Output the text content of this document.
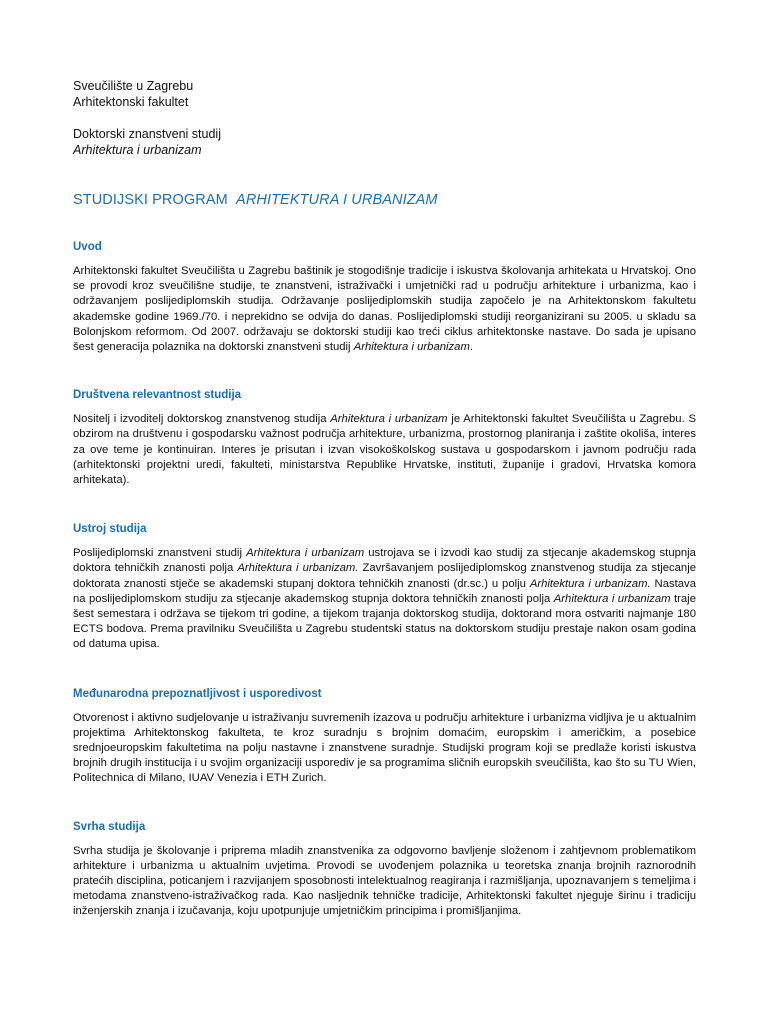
Sveučilište u Zagrebu

Arhitektonski fakultet

Doktorski znanstveni studij

Arhitektura i urbanizam

STUDIJSKI PROGRAM ARHITEKTURA I URBANIZAM

Uvod

Arhitektonski fakultet Sveučilišta u Zagrebu baštinik je stogodišnje tradicije i iskustva školovanja arhitekata u Hrvatskoj. Ono se provodi kroz sveučilišne studije, te znanstveni, istraživački i umjetnički rad u području arhitekture i urbanizma, kao i održavanjem poslijediplomskih studija. Održavanje poslijediplomskih studija započelo je na Arhitektonskom fakultetu akademske godine 1969./70. i neprekidno se odvija do danas. Poslijediplomski studiji reorganizirani su 2005. u skladu sa Bolonjskom reformom. Od 2007. održavaju se doktorski studiji kao treći ciklus arhitektonske nastave. Do sada je upisano šest generacija polaznika na doktorski znanstveni studij Arhitektura i urbanizam.

Društvena relevantnost studija

Nositelj i izvoditelj doktorskog znanstvenog studija Arhitektura i urbanizam je Arhitektonski fakultet Sveučilišta u Zagrebu. S obzirom na društvenu i gospodarsku važnost područja arhitekture, urbanizma, prostornog planiranja i zaštite okoliša, interes za ove teme je kontinuiran. Interes je prisutan i izvan visokoškolskog sustava u gospodarskom i javnom području rada (arhitektonski projektni uredi, fakulteti, ministarstva Republike Hrvatske, instituti, županije i gradovi, Hrvatska komora arhitekata).

Ustroj studija

Poslijediplomski znanstveni studij Arhitektura i urbanizam ustrojava se i izvodi kao studij za stjecanje akademskog stupnja doktora tehničkih znanosti polja Arhitektura i urbanizam. Završavanjem poslijediplomskog znanstvenog studija za stjecanje doktorata znanosti stječe se akademski stupanj doktora tehničkih znanosti (dr.sc.) u polju Arhitektura i urbanizam. Nastava na poslijediplomskom studiju za stjecanje akademskog stupnja doktora tehničkih znanosti polja Arhitektura i urbanizam traje šest semestara i održava se tijekom tri godine, a tijekom trajanja doktorskog studija, doktorand mora ostvariti najmanje 180 ECTS bodova. Prema pravilniku Sveučilišta u Zagrebu studentski status na doktorskom studiju prestaje nakon osam godina od datuma upisa.

Međunarodna prepoznatljivost i usporedivost

Otvorenost i aktivno sudjelovanje u istraživanju suvremenih izazova u području arhitekture i urbanizma vidljiva je u aktualnim projektima Arhitektonskog fakulteta, te kroz suradnju s brojnim domaćim, europskim i američkim, a posebice srednjoeuropskim fakultetima na polju nastavne i znanstvene suradnje. Studijski program koji se predlaže koristi iskustva brojnih drugih institucija i u svojim organizaciji usporediv je sa programima sličnih europskih sveučilišta, kao što su TU Wien, Politechnica di Milano, IUAV Venezia i ETH Zurich.

Svrha studija

Svrha studija je školovanje i priprema mladih znanstvenika za odgovorno bavljenje složenom i zahtjevnom problematikom arhitekture i urbanizma u aktualnim uvjetima. Provodi se uvođenjem polaznika u teoretska znanja brojnih raznorodnih pratećih disciplina, poticanjem i razvijanjem sposobnosti intelektualnog reagiranja i razmišljanja, upoznavanjem s temeljima i metodama znanstveno-istraživačkog rada. Kao nasljednik tehničke tradicije, Arhitektonski fakultet njeguje širinu i tradiciju inženjerskih znanja i izučavanja, koju upotpunjuje umjetničkim principima i promišljanjima.
